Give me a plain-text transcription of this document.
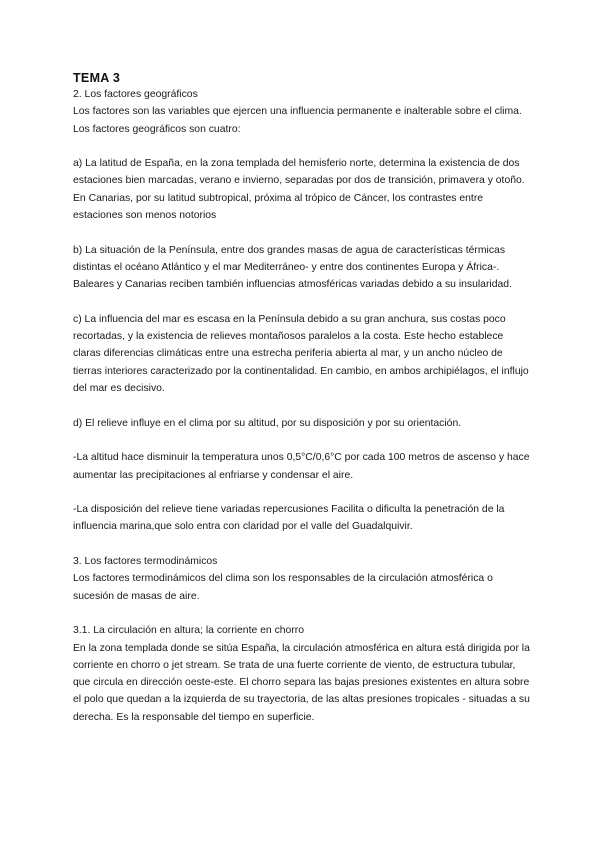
TEMA 3

2. Los factores geográficos

Los factores son las variables que ejercen una influencia permanente e inalterable sobre el clima. Los factores geográficos son cuatro:

a) La latitud de España, en la zona templada del hemisferio norte, determina la existencia de dos estaciones bien marcadas, verano e invierno, separadas por dos de transición, primavera y otoño. En Canarias, por su latitud subtropical, próxima al trópico de Cáncer, los contrastes entre estaciones son menos notorios

b) La situación de la Península, entre dos grandes masas de agua de características térmicas distintas el océano Atlántico y el mar Mediterráneo- y entre dos continentes Europa y África-. Baleares y Canarias reciben también influencias atmosféricas variadas debido a su insularidad.

c) La influencia del mar es escasa en la Península debido a su gran anchura, sus costas poco recortadas, y la existencia de relieves montañosos paralelos a la costa. Este hecho establece claras diferencias climáticas entre una estrecha periferia abierta al mar, y un ancho núcleo de tierras interiores caracterizado por la continentalidad. En cambio, en ambos archipiélagos, el influjo del mar es decisivo.

d) El relieve influye en el clima por su altitud, por su disposición y por su orientación.

-La altitud hace disminuir la temperatura unos 0,5°C/0,6°C por cada 100 metros de ascenso y hace aumentar las precipitaciones al enfriarse y condensar el aire.

-La disposición del relieve tiene variadas repercusiones Facilita o dificulta la penetración de la influencia marina,que solo entra con claridad por el valle del Guadalquivir.

3. Los factores termodinámicos

Los factores termodinámicos del clima son los responsables de la circulación atmosférica o sucesión de masas de aire.

3.1. La circulación en altura; la corriente en chorro

En la zona templada donde se sitúa España, la circulación atmosférica en altura está dirigida por la corriente en chorro o jet stream. Se trata de una fuerte corriente de viento, de estructura tubular, que circula en dirección oeste-este. El chorro separa las bajas presiones existentes en altura sobre el polo que quedan a la izquierda de su trayectoria, de las altas presiones tropicales - situadas a su derecha. Es la responsable del tiempo en superficie.
